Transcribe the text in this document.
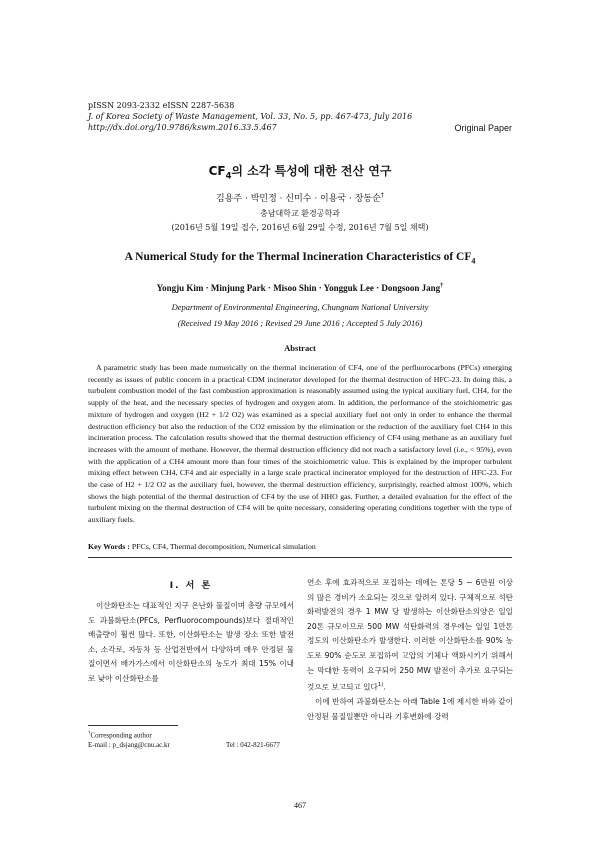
pISSN 2093-2332 eISSN 2287-5638
J. of Korea Society of Waste Management, Vol. 33, No. 5, pp. 467-473, July 2016
http://dx.doi.org/10.9786/kswm.2016.33.5.467	Original Paper
$CF_4$의 소각 특성에 대한 전산 연구
김용주 · 박민정 · 신미수 · 이용국 · 장동순†
충남대학교 환경공학과
(2016년 5월 19일 접수, 2016년 6월 29일 수정, 2016년 7월 5일 채택)
A Numerical Study for the Thermal Incineration Characteristics of $CF_4$
Yongju Kim · Minjung Park · Misoo Shin · Yongguk Lee · Dongsoon Jang†
Department of Environmental Engineering, Chungnam National University
(Received 19 May 2016 ; Revised 29 June 2016 ; Accepted 5 July 2016)
Abstract
A parametric study has been made numerically on the thermal incineration of CF4, one of the perfluorocarbons (PFCs) emerging recently as issues of public concern in a practical CDM incinerator developed for the thermal destruction of HFC-23. In doing this, a turbulent combustion model of the fast combustion approximation is reasonably assumed using the typical auxiliary fuel, CH4, for the supply of the heat, and the necessary species of hydrogen and oxygen atom. In addition, the performance of the stoichiometric gas mixture of hydrogen and oxygen (H2 + 1/2 O2) was examined as a special auxiliary fuel not only in order to enhance the thermal destruction efficiency but also the reduction of the CO2 emission by the elimination or the reduction of the auxiliary fuel CH4 in this incineration process. The calculation results showed that the thermal destruction efficiency of CF4 using methane as an auxiliary fuel increases with the amount of methane. However, the thermal destruction efficiency did not reach a satisfactory level (i.e., < 95%), even with the application of a CH4 amount more than four times of the stoichiometric value. This is explained by the improper turbulent mixing effect between CH4, CF4 and air especially in a large scale practical incinerator employed for the destruction of HFC-23. For the case of H2 + 1/2 O2 as the auxiliary fuel, however, the thermal destruction efficiency, surprisingly, reached almost 100%, which shows the high potential of the thermal destruction of CF4 by the use of HHO gas. Further, a detailed evaluation for the effect of the turbulent mixing on the thermal destruction of CF4 will be quite necessary, considering operating conditions together with the type of auxiliary fuels.
Key Words : PFCs, CF4, Thermal decomposition, Numerical simulation
I. 서 론

이산화탄소는 대표적인 지구 온난화 물질이며 총량 규모에서도 과불화탄소(PFCs, Perfluorocompounds)보다 절대적인 배출량이 훨씬 많다. 또한, 이산화탄소는 발생 장소 또한 발전소, 소각로, 자동차 등 산업전반에서 다양하며 매우 안정된 물질이면서 배가가스에서 이산화탄소의 농도가 최대 15% 이내로 낮아 이산화탄소를

연소 후에 효과적으로 포집하는 데에는 톤당 5 ~ 6만원 이상의 많은 경비가 소요되는 것으로 알려져 있다. 구체적으로 석탄화력발전의 경우 1 MW 당 발생하는 이산화탄소의양은 일일 20톤 규모이므로 500 MW 석탄화력의 경우에는 일일 1만톤 정도의 이산화탄소가 발생한다. 이러한 이산화탄소를 90% 농도로 90% 순도로 포집하여 고압의 기체나 액화시키기 위해서는 막대한 동력이 요구되어 250 MW 발전이 추가로 요구되는 것으로 보고되고 있다$^{1)}$.

이에 반하여 과불화탄소는 아래 Table 1에 제시한 바와 같이 안정된 물질일뿐만 아니라 기후변화에 강력

†Corresponding author
E-mail : p_dsjang@cnu.ac.kr	Tel : 042-821-6677
467
